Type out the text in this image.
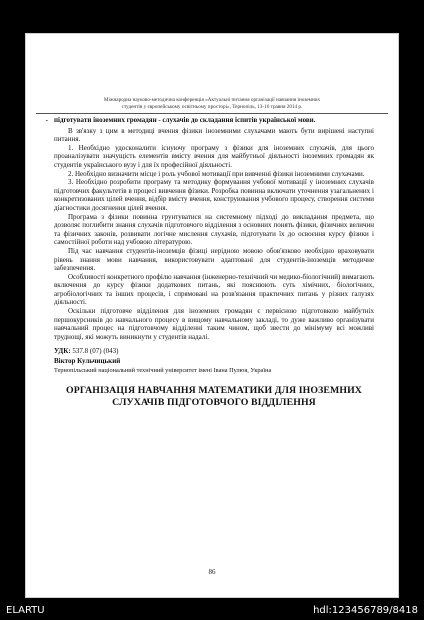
Міжнародна науково-методична конференція «Актуальні питання організації навчання іноземних
студентів у європейському освітньому просторі», Тернопіль, 13-16 травня 2014 р.
- підготувати іноземних громадян - слухачів до складання іспитів української мови.

В зв'язку з цим в методиці вчення фізики іноземними слухачами мають бути вирішені наступні питання.

1. Необхідно удосконалити існуючу програму з фізики для іноземних слухачів, для цього проаналізувати значущість елементів вмісту вчення для майбутньої діяльності іноземних громадян як студентів українського вузу і для їх професійної діяльності.

2. Необхідно визначити місце і роль учбової мотивації при вивченні фізики іноземними слухачами.

3. Необхідно розробити програму та методику формування учбової мотивації у іноземних слухачів підготовчих факультетів в процесі вивчення фізики. Розробка повинна включати уточнення узагальнених і конкретизованих цілей вчення, відбір вмісту вчення, конструювання учбового процесу, створення системи діагностики досягнення цілей вчення.

Програма з фізики повинна грунтуватися на системному підході до викладання предмета, що дозволяє поглибити знання слухачів підготовчого відділення з основних понять фізики, фізичних величин та фізичних законів, розвивати логічне мислення слухачів, підготувати їх до освоєння курсу фізики і самостійної роботи над учбовою літературою.

Під час навчання студентів-іноземців фізиці нерідною мовою обов'язково необхідно враховувати рівень знання мови навчання, використовувати адаптовані для студентів-іноземців методичне забезпечення.

Особливості конкретного профілю навчання (інженерно-технічний чи медико-біологічний) вимагають включення до курсу фізики додаткових питань, які пояснюють суть хімічних, біологічних, агробіологічних та інших процесів, і спрямовані на розв'язання практичних питань у різних галузях діяльності.

Оскільки підготовче відділення для іноземних громадян є первісною підготовкою майбутніх першокурсників до навчального процесу в вищому навчальному закладі, то дуже важливо організувати навчальний процес на підготовчому відділенні таким чином, щоб звести до мінімуму всі можливі труднощі, які можуть виникнути у студентів надалі.

УДК: 537.8 (07) (043)
Віктор Кульчицький
Тернопільський національний технічний університет імені Івана Пулюя, Україна
ОРГАНІЗАЦІЯ НАВЧАННЯ МАТЕМАТИКИ ДЛЯ ІНОЗЕМНИХ СЛУХАЧІВ ПІДГОТОВЧОГО ВІДДІЛЕННЯ
86
ELARTU	hdl:123456789/8418
